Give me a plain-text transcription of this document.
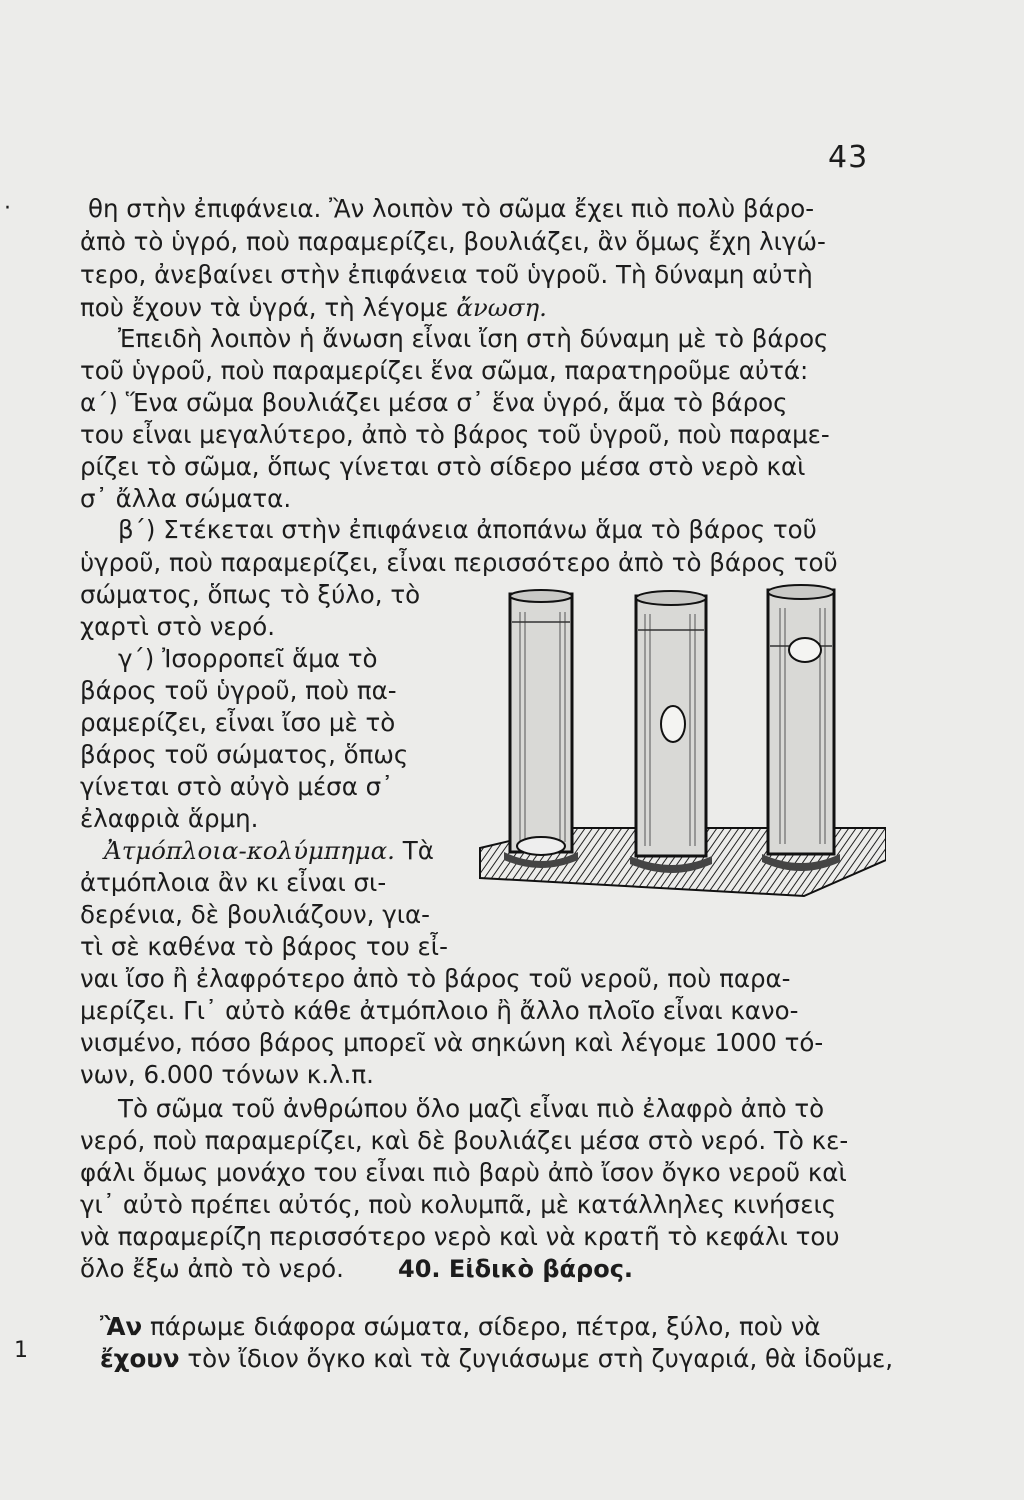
43
θη στὴν ἐπιφάνεια. Ἂν λοιπὸν τὸ σῶμα ἔχει πιὸ πολὺ βάρο-
ἀπὸ τὸ ὑγρό, ποὺ παραμερίζει, βουλιάζει, ἂν ὅμως ἔχη λιγώ-
τερο, ἀνεβαίνει στὴν ἐπιφάνεια τοῦ ὑγροῦ. Τὴ δύναμη αὐτὴ
ποὺ ἔχουν τὰ ὑγρά, τὴ λέγομε ἄνωση.
Ἐπειδὴ λοιπὸν ἡ ἄνωση εἶναι ἴση στὴ δύναμη μὲ τὸ βάρος
τοῦ ὑγροῦ, ποὺ παραμερίζει ἕνα σῶμα, παρατηροῦμε αὐτά:
α΄) Ἕνα σῶμα βουλιάζει μέσα σ᾽ ἕνα ὑγρό, ἅμα τὸ βάρος
του εἶναι μεγαλύτερο, ἀπὸ τὸ βάρος τοῦ ὑγροῦ, ποὺ παραμε-
ρίζει τὸ σῶμα, ὅπως γίνεται στὸ σίδερο μέσα στὸ νερὸ καὶ
σ᾽ ἄλλα σώματα.
β΄) Στέκεται στὴν ἐπιφάνεια ἀποπάνω ἅμα τὸ βάρος τοῦ
ὑγροῦ, ποὺ παραμερίζει, εἶναι περισσότερο ἀπὸ τὸ βάρος τοῦ
σώματος, ὅπως τὸ ξύλο, τὸ
χαρτὶ στὸ νερό.
γ΄) Ἰσορροπεῖ ἅμα τὸ
βάρος τοῦ ὑγροῦ, ποὺ πα-
ραμερίζει, εἶναι ἴσο μὲ τὸ
βάρος τοῦ σώματος, ὅπως
γίνεται στὸ αὐγὸ μέσα σ᾽
ἐλαφριὰ ἅρμη.
Ἀτμόπλοια-κολύμπημα. Τὰ
ἀτμόπλοια ἂν κι εἶναι σι-
δερένια, δὲ βουλιάζουν, για-
τὶ σὲ καθένα τὸ βάρος του εἶ-
ναι ἴσο ἢ ἐλαφρότερο ἀπὸ τὸ βάρος τοῦ νεροῦ, ποὺ παρα-
μερίζει. Γι᾽ αὐτὸ κάθε ἀτμόπλοιο ἢ ἄλλο πλοῖο εἶναι κανο-
νισμένο, πόσο βάρος μπορεῖ νὰ σηκώνη καὶ λέγομε 1000 τό-
νων, 6.000 τόνων κ.λ.π.
Τὸ σῶμα τοῦ ἀνθρώπου ὅλο μαζὶ εἶναι πιὸ ἐλαφρὸ ἀπὸ τὸ
νερό, ποὺ παραμερίζει, καὶ δὲ βουλιάζει μέσα στὸ νερό. Τὸ κε-
φάλι ὅμως μονάχο του εἶναι πιὸ βαρὺ ἀπὸ ἴσον ὄγκο νεροῦ καὶ
γι᾽ αὐτὸ πρέπει αὐτός, ποὺ κολυμπᾶ, μὲ κατάλληλες κινήσεις
νὰ παραμερίζη περισσότερο νερὸ καὶ νὰ κρατῆ τὸ κεφάλι του
ὅλο ἔξω ἀπὸ τὸ νερό. 40. Εἰδικὸ βάρος.
Ἂν πάρωμε διάφορα σώματα, σίδερο, πέτρα, ξύλο, ποὺ νὰ
ἔχουν τὸν ἴδιον ὄγκο καὶ τὰ ζυγιάσωμε στὴ ζυγαριά, θὰ ἰδοῦμε,
·
1
